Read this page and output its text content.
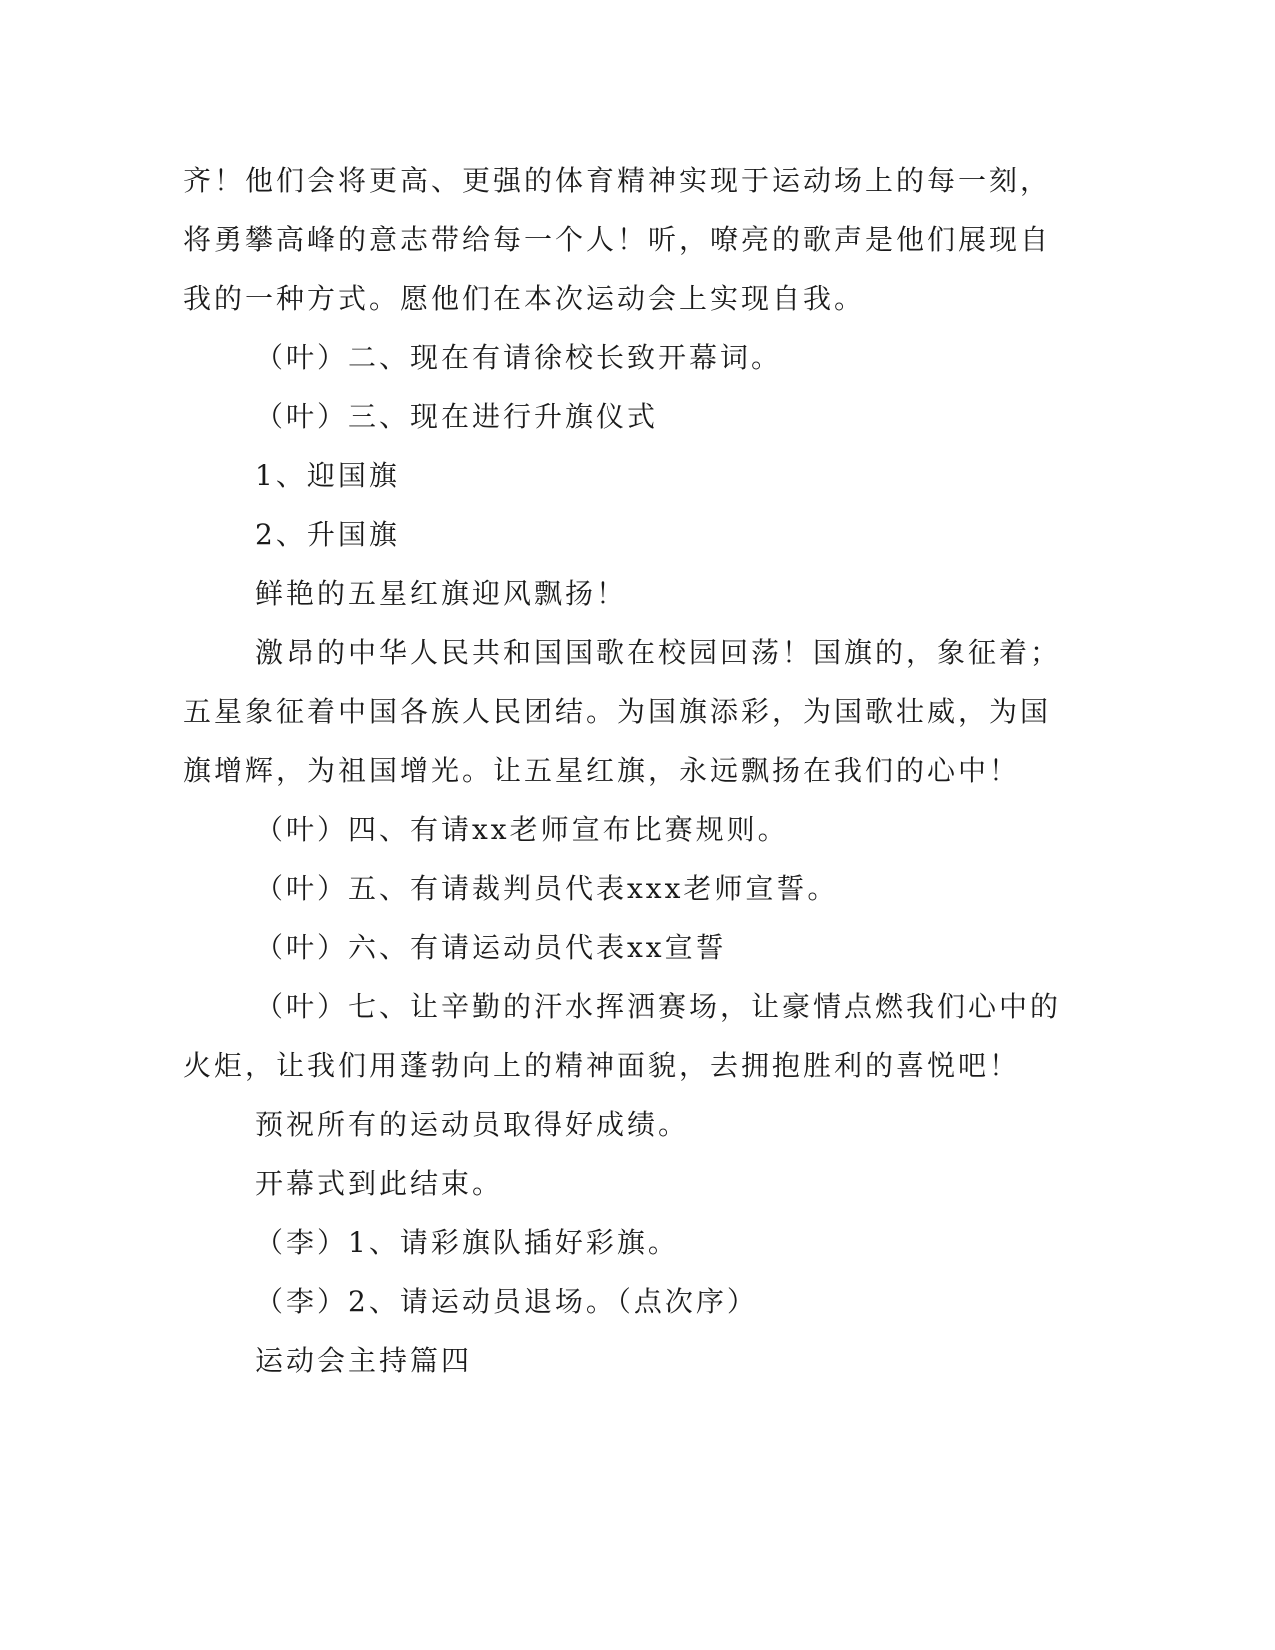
齐！他们会将更高、更强的体育精神实现于运动场上的每一刻，将勇攀高峰的意志带给每一个人！听，嘹亮的歌声是他们展现自我的一种方式。愿他们在本次运动会上实现自我。

（叶）二、现在有请徐校长致开幕词。

（叶）三、现在进行升旗仪式

1、迎国旗

2、升国旗

鲜艳的五星红旗迎风飘扬！

激昂的中华人民共和国国歌在校园回荡！国旗的，象征着；五星象征着中国各族人民团结。为国旗添彩，为国歌壮威，为国旗增辉，为祖国增光。让五星红旗，永远飘扬在我们的心中！

（叶）四、有请xx老师宣布比赛规则。

（叶）五、有请裁判员代表xxx老师宣誓。

（叶）六、有请运动员代表xx宣誓

（叶）七、让辛勤的汗水挥洒赛场，让豪情点燃我们心中的火炬，让我们用蓬勃向上的精神面貌，去拥抱胜利的喜悦吧！

预祝所有的运动员取得好成绩。

开幕式到此结束。

（李）1、请彩旗队插好彩旗。

（李）2、请运动员退场。（点次序）

运动会主持篇四
